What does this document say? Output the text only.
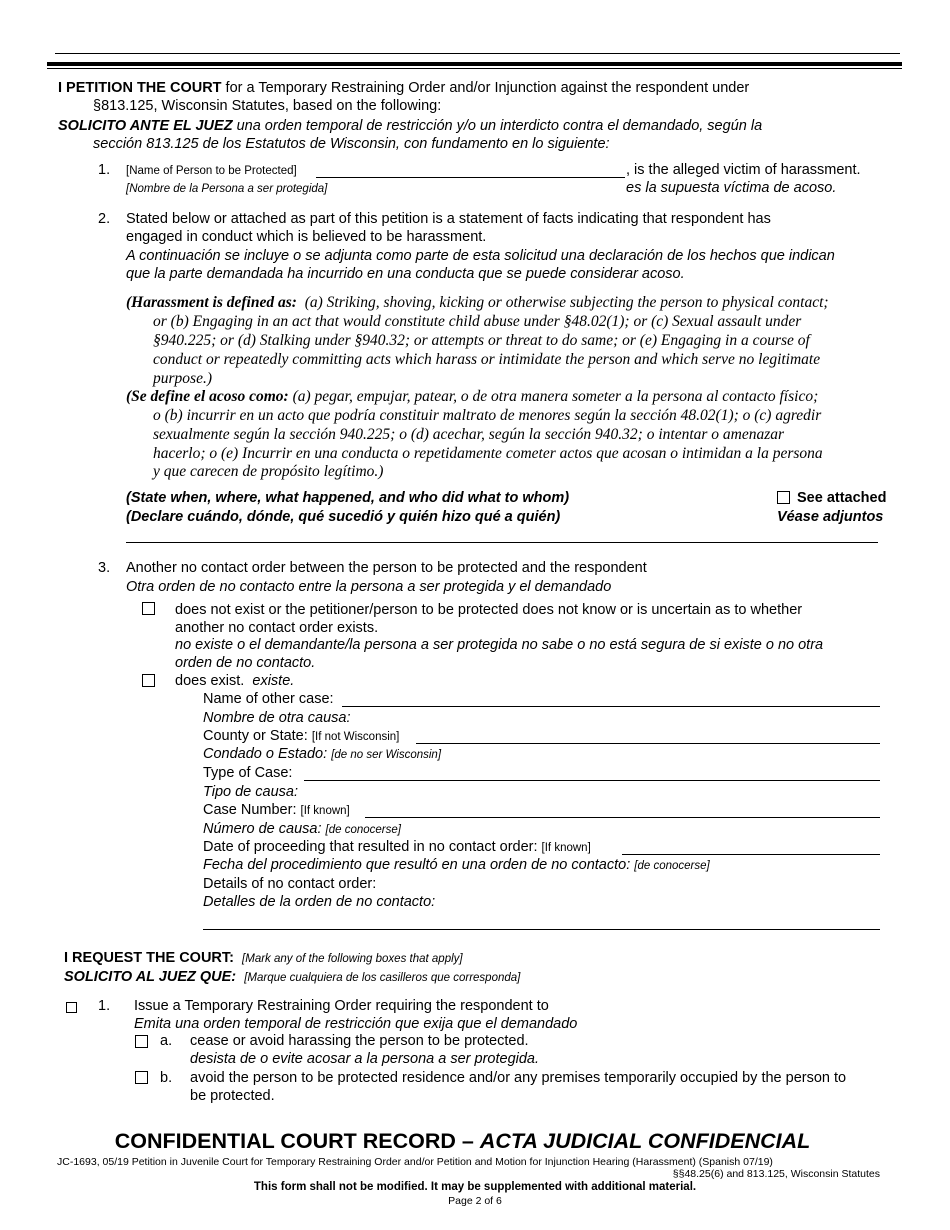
I PETITION THE COURT for a Temporary Restraining Order and/or Injunction against the respondent under
§813.125, Wisconsin Statutes, based on the following:
SOLICITO ANTE EL JUEZ una orden temporal de restricción y/o un interdicto contra el demandado, según la
sección 813.125 de los Estatutos de Wisconsin, con fundamento en lo siguiente:
1. [Name of Person to be Protected]	, is the alleged victim of harassment.
[Nombre de la Persona a ser protegida]	es la supuesta víctima de acoso.
2. Stated below or attached as part of this petition is a statement of facts indicating that respondent has
engaged in conduct which is believed to be harassment.
A continuación se incluye o se adjunta como parte de esta solicitud una declaración de los hechos que indican
que la parte demandada ha incurrido en una conducta que se puede considerar acoso.
(Harassment is defined as: (a) Striking, shoving, kicking or otherwise subjecting the person to physical contact;
or (b) Engaging in an act that would constitute child abuse under §48.02(1); or (c) Sexual assault under
§940.225; or (d) Stalking under §940.32; or attempts or threat to do same; or (e) Engaging in a course of
conduct or repeatedly committing acts which harass or intimidate the person and which serve no legitimate
purpose.)
(Se define el acoso como: (a) pegar, empujar, patear, o de otra manera someter a la persona al contacto físico;
o (b) incurrir en un acto que podría constituir maltrato de menores según la sección 48.02(1); o (c) agredir
sexualmente según la sección 940.225; o (d) acechar, según la sección 940.32; o intentar o amenazar
hacerlo; o (e) Incurrir en una conducta o repetidamente cometer actos que acosan o intimidan a la persona
y que carecen de propósito legítimo.)
(State when, where, what happened, and who did what to whom)
(Declare cuándo, dónde, qué sucedió y quién hizo qué a quién)
See attached
Véase adjuntos
3. Another no contact order between the person to be protected and the respondent
Otra orden de no contacto entre la persona a ser protegida y el demandado
does not exist or the petitioner/person to be protected does not know or is uncertain as to whether
another no contact order exists.
no existe o el demandante/la persona a ser protegida no sabe o no está segura de si existe o no otra
orden de no contacto.
does exist. existe.
Name of other case:
Nombre de otra causa:
County or State: [If not Wisconsin]
Condado o Estado: [de no ser Wisconsin]
Type of Case:
Tipo de causa:
Case Number: [If known]
Número de causa: [de conocerse]
Date of proceeding that resulted in no contact order: [If known]
Fecha del procedimiento que resultó en una orden de no contacto: [de conocerse]
Details of no contact order:
Detalles de la orden de no contacto:
I REQUEST THE COURT: [Mark any of the following boxes that apply]
SOLICITO AL JUEZ QUE: [Marque cualquiera de los casilleros que corresponda]
1. Issue a Temporary Restraining Order requiring the respondent to
Emita una orden temporal de restricción que exija que el demandado
a. cease or avoid harassing the person to be protected.
desista de o evite acosar a la persona a ser protegida.
b. avoid the person to be protected residence and/or any premises temporarily occupied by the person to
be protected.
CONFIDENTIAL COURT RECORD – ACTA JUDICIAL CONFIDENCIAL
JC-1693, 05/19 Petition in Juvenile Court for Temporary Restraining Order and/or Petition and Motion for Injunction Hearing (Harassment) (Spanish 07/19)
§§48.25(6) and 813.125, Wisconsin Statutes
This form shall not be modified. It may be supplemented with additional material.
Page 2 of 6
